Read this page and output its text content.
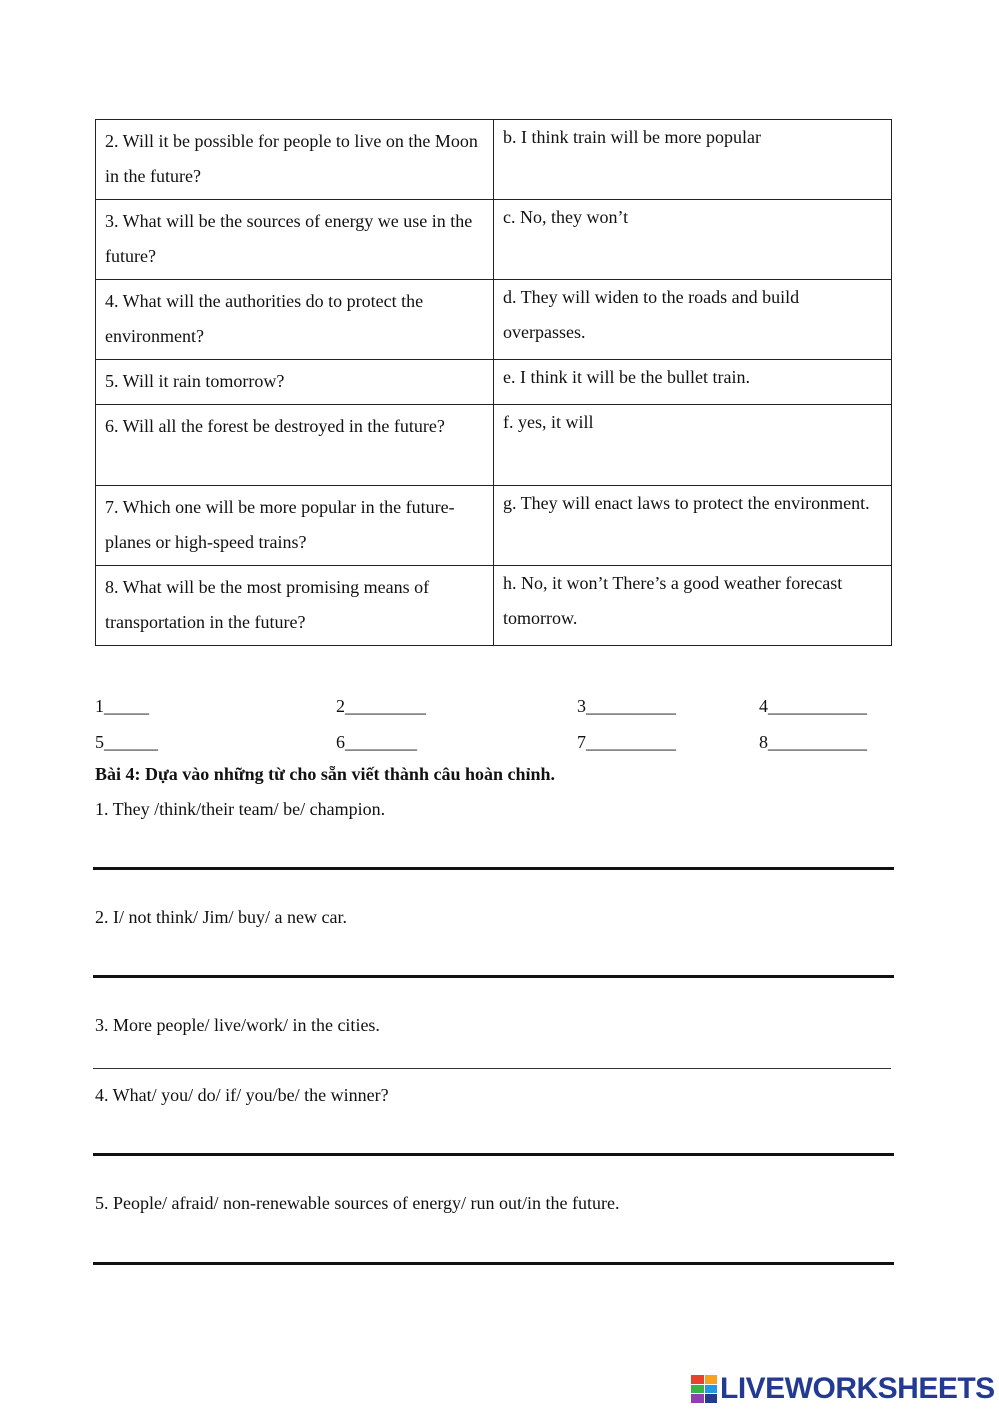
2. Will it be possible for people to live on the Moon in the future?	b. I think train will be more popular
3. What will be the sources of energy we use in the future?	c. No, they won’t
4. What will the authorities do to protect the environment?	d. They will widen to the roads and build overpasses.
5. Will it rain tomorrow?	e. I think it will be the bullet train.
6. Will all the forest be destroyed in the future?	f. yes, it will
7. Which one will be more popular in the future-planes or high-speed trains?	g. They will enact laws to protect the environment.
8. What will be the most promising means of transportation in the future?	h. No, it won’t There’s a good weather forecast tomorrow.
1_____	2_________	3__________	4___________
5______	6________	7__________	8___________

Bài 4: Dựa vào những từ cho sẵn viết thành câu hoàn chỉnh.

1. They /think/their team/ be/ champion.

2. I/ not think/ Jim/ buy/ a new car.

3. More people/ live/work/ in the cities.

4. What/ you/ do/ if/ you/be/ the winner?

5. People/ afraid/ non-renewable sources of energy/ run out/in the future.

LIVEWORKSHEETS
